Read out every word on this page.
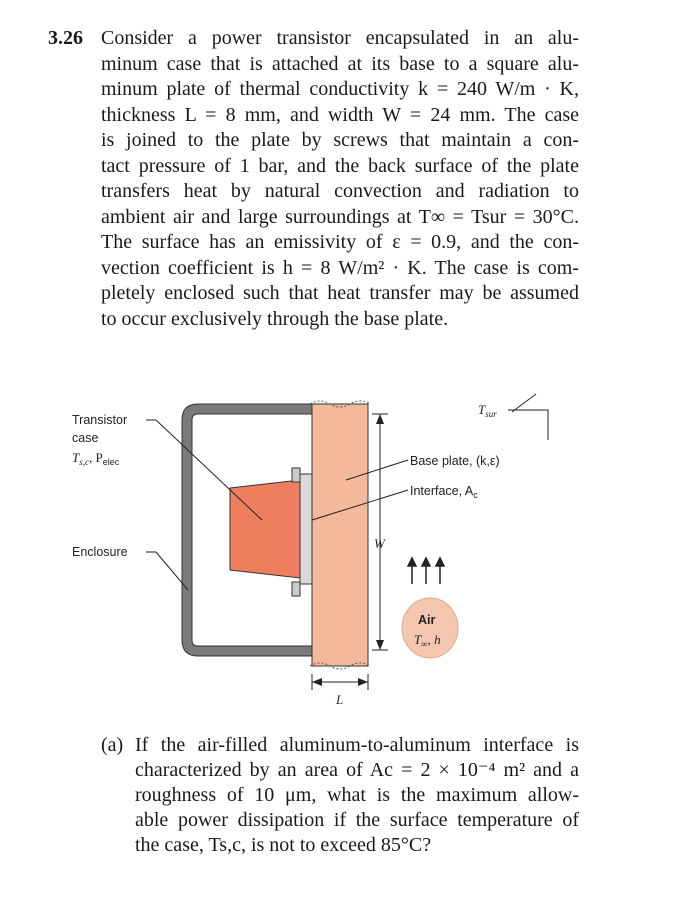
3.26 Consider a power transistor encapsulated in an alu-
minum case that is attached at its base to a square alu-
minum plate of thermal conductivity k = 240 W/m · K,
thickness L = 8 mm, and width W = 24 mm. The case
is joined to the plate by screws that maintain a con-
tact pressure of 1 bar, and the back surface of the plate
transfers heat by natural convection and radiation to
ambient air and large surroundings at T∞ = Tsur = 30°C.
The surface has an emissivity of ε = 0.9, and the con-
vection coefficient is h = 8 W/m² · K. The case is com-
pletely enclosed such that heat transfer may be assumed
to occur exclusively through the base plate.
W
L
Transistor
case
$T_{s,c}$, $P_{elec}$
Enclosure
Base plate, (k,ε)
Interface, $A_c$
$T_{sur}$
Air
$T_\infty$, h
(a) If the air-filled aluminum-to-aluminum interface is
characterized by an area of Ac = 2 × 10⁻⁴ m² and a
roughness of 10 μm, what is the maximum allow-
able power dissipation if the surface temperature of
the case, Ts,c, is not to exceed 85°C?
